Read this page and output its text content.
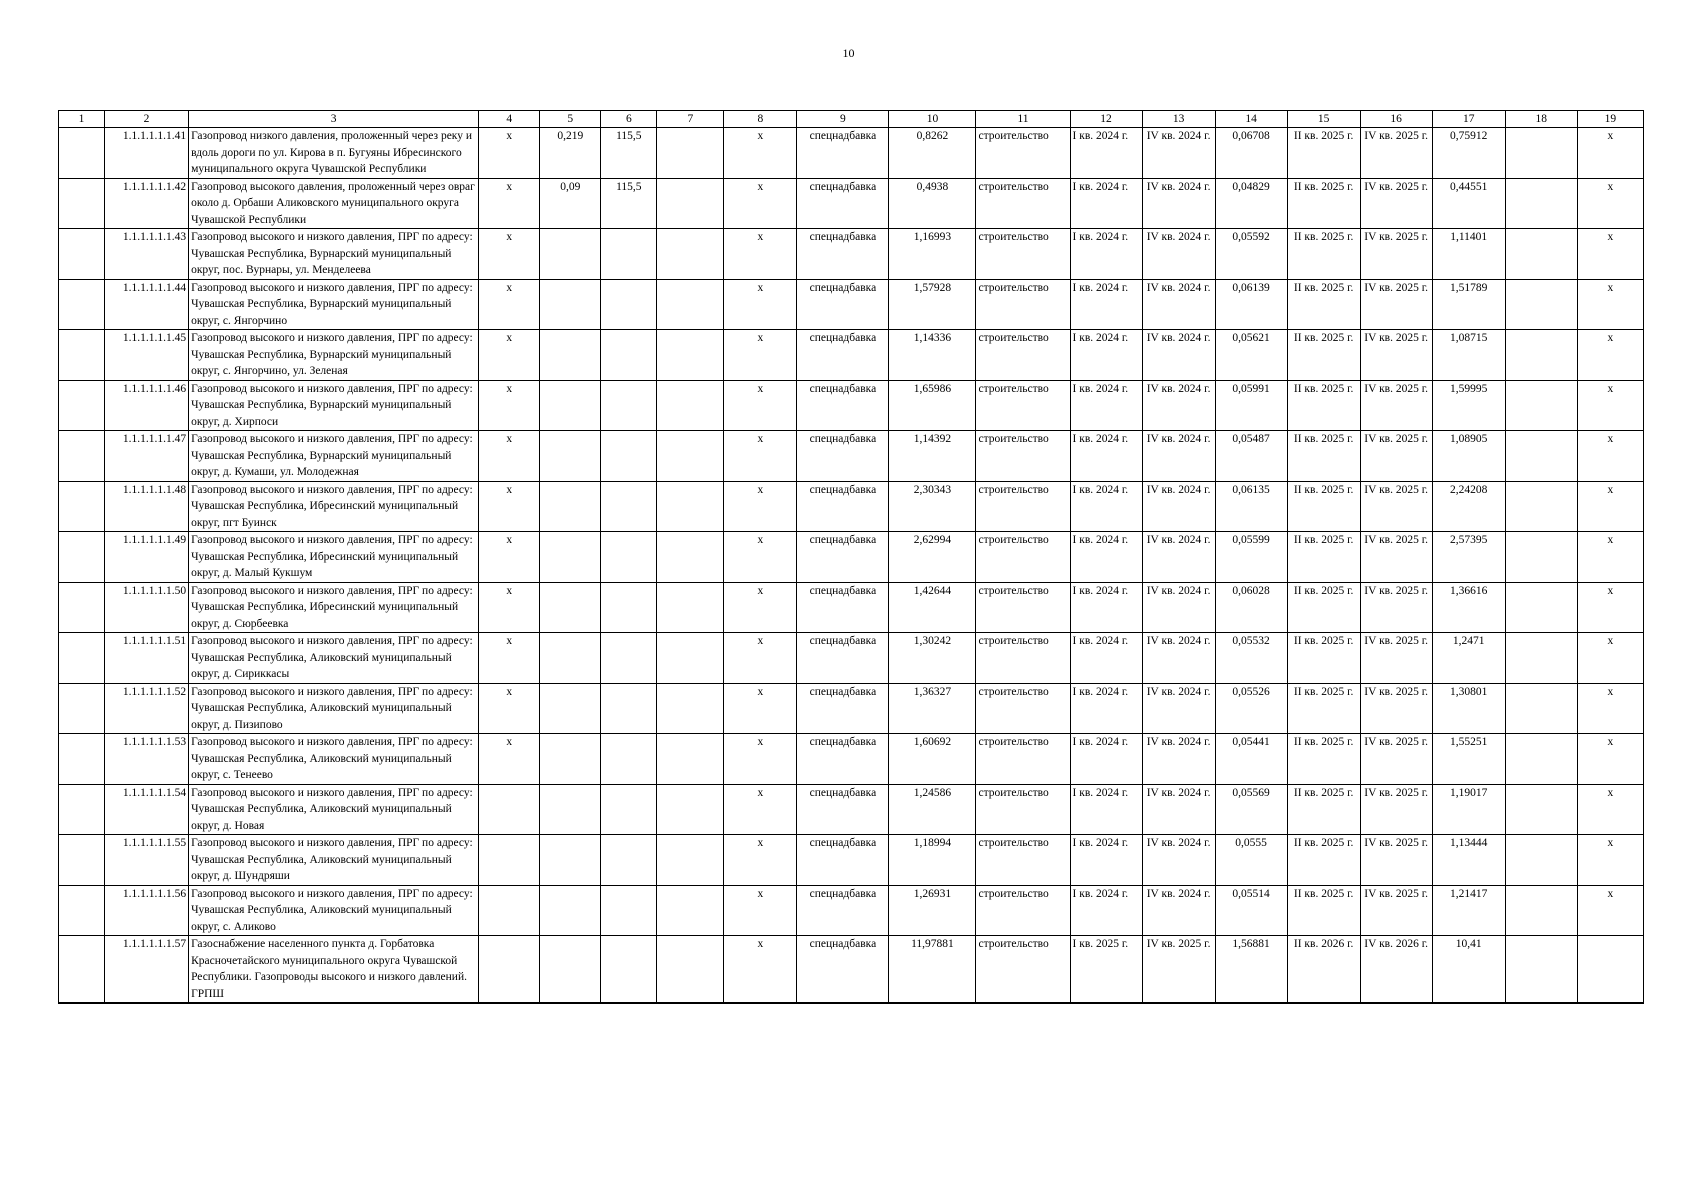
10
1	2	3	4	5	6	7	8	9	10	11	12	13	14	15	16	17	18	19
	1.1.1.1.1.1.41	Газопровод низкого давления, проложенный через реку и вдоль дороги по ул. Кирова в п. Бугуяны Ибресинского муниципального округа Чувашской Республики	х	0,219	115,5		х	спецнадбавка	0,8262	строительство	I кв. 2024 г.	IV кв. 2024 г.	0,06708	II кв. 2025 г.	IV кв. 2025 г.	0,75912		х
	1.1.1.1.1.1.42	Газопровод высокого давления, проложенный через овраг около д. Орбаши Аликовского муниципального округа Чувашской Республики	х	0,09	115,5		х	спецнадбавка	0,4938	строительство	I кв. 2024 г.	IV кв. 2024 г.	0,04829	II кв. 2025 г.	IV кв. 2025 г.	0,44551		х
	1.1.1.1.1.1.43	Газопровод высокого и низкого давления, ПРГ по адресу: Чувашская Республика, Вурнарский муниципальный округ, пос. Вурнары, ул. Менделеева	х				х	спецнадбавка	1,16993	строительство	I кв. 2024 г.	IV кв. 2024 г.	0,05592	II кв. 2025 г.	IV кв. 2025 г.	1,11401		х
	1.1.1.1.1.1.44	Газопровод высокого и низкого давления, ПРГ по адресу: Чувашская Республика, Вурнарский муниципальный округ, с. Янгорчино	х				х	спецнадбавка	1,57928	строительство	I кв. 2024 г.	IV кв. 2024 г.	0,06139	II кв. 2025 г.	IV кв. 2025 г.	1,51789		х
	1.1.1.1.1.1.45	Газопровод высокого и низкого давления, ПРГ по адресу: Чувашская Республика, Вурнарский муниципальный округ, с. Янгорчино, ул. Зеленая	х				х	спецнадбавка	1,14336	строительство	I кв. 2024 г.	IV кв. 2024 г.	0,05621	II кв. 2025 г.	IV кв. 2025 г.	1,08715		х
	1.1.1.1.1.1.46	Газопровод высокого и низкого давления, ПРГ по адресу: Чувашская Республика, Вурнарский муниципальный округ, д. Хирпоси	х				х	спецнадбавка	1,65986	строительство	I кв. 2024 г.	IV кв. 2024 г.	0,05991	II кв. 2025 г.	IV кв. 2025 г.	1,59995		х
	1.1.1.1.1.1.47	Газопровод высокого и низкого давления, ПРГ по адресу: Чувашская Республика, Вурнарский муниципальный округ, д. Кумаши, ул. Молодежная	х				х	спецнадбавка	1,14392	строительство	I кв. 2024 г.	IV кв. 2024 г.	0,05487	II кв. 2025 г.	IV кв. 2025 г.	1,08905		х
	1.1.1.1.1.1.48	Газопровод высокого и низкого давления, ПРГ по адресу: Чувашская Республика, Ибресинский муниципальный округ, пгт Буинск	х				х	спецнадбавка	2,30343	строительство	I кв. 2024 г.	IV кв. 2024 г.	0,06135	II кв. 2025 г.	IV кв. 2025 г.	2,24208		х
	1.1.1.1.1.1.49	Газопровод высокого и низкого давления, ПРГ по адресу: Чувашская Республика, Ибресинский муниципальный округ, д. Малый Кукшум	х				х	спецнадбавка	2,62994	строительство	I кв. 2024 г.	IV кв. 2024 г.	0,05599	II кв. 2025 г.	IV кв. 2025 г.	2,57395		х
	1.1.1.1.1.1.50	Газопровод высокого и низкого давления, ПРГ по адресу: Чувашская Республика, Ибресинский муниципальный округ, д. Сюрбеевка	х				х	спецнадбавка	1,42644	строительство	I кв. 2024 г.	IV кв. 2024 г.	0,06028	II кв. 2025 г.	IV кв. 2025 г.	1,36616		х
	1.1.1.1.1.1.51	Газопровод высокого и низкого давления, ПРГ по адресу: Чувашская Республика, Аликовский муниципальный округ, д. Сириккасы	х				х	спецнадбавка	1,30242	строительство	I кв. 2024 г.	IV кв. 2024 г.	0,05532	II кв. 2025 г.	IV кв. 2025 г.	1,2471		х
	1.1.1.1.1.1.52	Газопровод высокого и низкого давления, ПРГ по адресу: Чувашская Республика, Аликовский муниципальный округ, д. Пизипово	х				х	спецнадбавка	1,36327	строительство	I кв. 2024 г.	IV кв. 2024 г.	0,05526	II кв. 2025 г.	IV кв. 2025 г.	1,30801		х
	1.1.1.1.1.1.53	Газопровод высокого и низкого давления, ПРГ по адресу: Чувашская Республика, Аликовский муниципальный округ, с. Тенеево	х				х	спецнадбавка	1,60692	строительство	I кв. 2024 г.	IV кв. 2024 г.	0,05441	II кв. 2025 г.	IV кв. 2025 г.	1,55251		х
	1.1.1.1.1.1.54	Газопровод высокого и низкого давления, ПРГ по адресу: Чувашская Республика, Аликовский муниципальный округ, д. Новая					х	спецнадбавка	1,24586	строительство	I кв. 2024 г.	IV кв. 2024 г.	0,05569	II кв. 2025 г.	IV кв. 2025 г.	1,19017		х
	1.1.1.1.1.1.55	Газопровод высокого и низкого давления, ПРГ по адресу: Чувашская Республика, Аликовский муниципальный округ, д. Шундряши					х	спецнадбавка	1,18994	строительство	I кв. 2024 г.	IV кв. 2024 г.	0,0555	II кв. 2025 г.	IV кв. 2025 г.	1,13444		х
	1.1.1.1.1.1.56	Газопровод высокого и низкого давления, ПРГ по адресу: Чувашская Республика, Аликовский муниципальный округ, с. Аликово					х	спецнадбавка	1,26931	строительство	I кв. 2024 г.	IV кв. 2024 г.	0,05514	II кв. 2025 г.	IV кв. 2025 г.	1,21417		х
	1.1.1.1.1.1.57	Газоснабжение населенного пункта д. Горбатовка Красночетайского муниципального округа Чувашской Республики. Газопроводы высокого и низкого давлений. ГРПШ					х	спецнадбавка	11,97881	строительство	I кв. 2025 г.	IV кв. 2025 г.	1,56881	II кв. 2026 г.	IV кв. 2026 г.	10,41		
